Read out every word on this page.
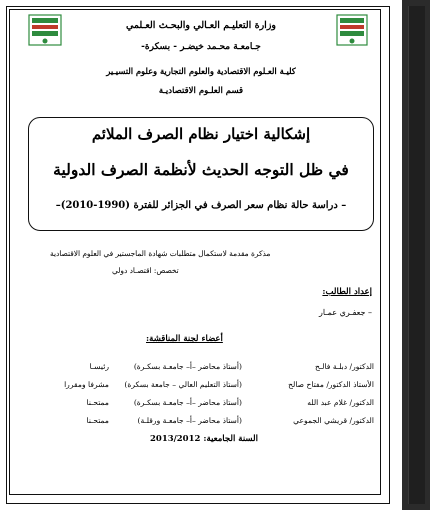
وزارة التعليـم العـالي والبحـث العـلمي
جـامعـة محـمد خيضـر - بسكرة-
كليـة العـلوم الاقتصادية والعلوم التجارية وعلوم التسيـير
قسم العلـوم الاقتصاديـة
إشكالية اختيار نظام الصرف الملائم
في ظل التوجه الحديث لأنظمة الصرف الدولية
– دراسة حالة نظام سعر الصرف في الجزائر للفترة (1990-2010)–
مذكرة مقدمة لاستكمال متطلبات شهادة الماجستير في العلوم الاقتصادية
تخصص: اقتصـاد دولي
إعداد الطالب:
– جعفـري عمـار
أعضاء لجنة المناقشة:
الدكتور/ دبلـة فالـح
(أستاذ محاضر –أ– جامعـة بسكـرة)
رئيسـا
الأستاذ الدكتور/ مفتاح صالح
(أستاذ التعليم العالي – جامعة بسكرة)
مشرفا ومقررا
الدكتور/ غلام عبد الله
(أستاذ محاضر –أ– جامعـة بسكـرة)
ممتحـنا
الدكتور/ قريشي الجموعي
(أستاذ محاضر –أ– جامعـة ورقلـة)
ممتحـنا
السنة الجامعية: 2013/2012
